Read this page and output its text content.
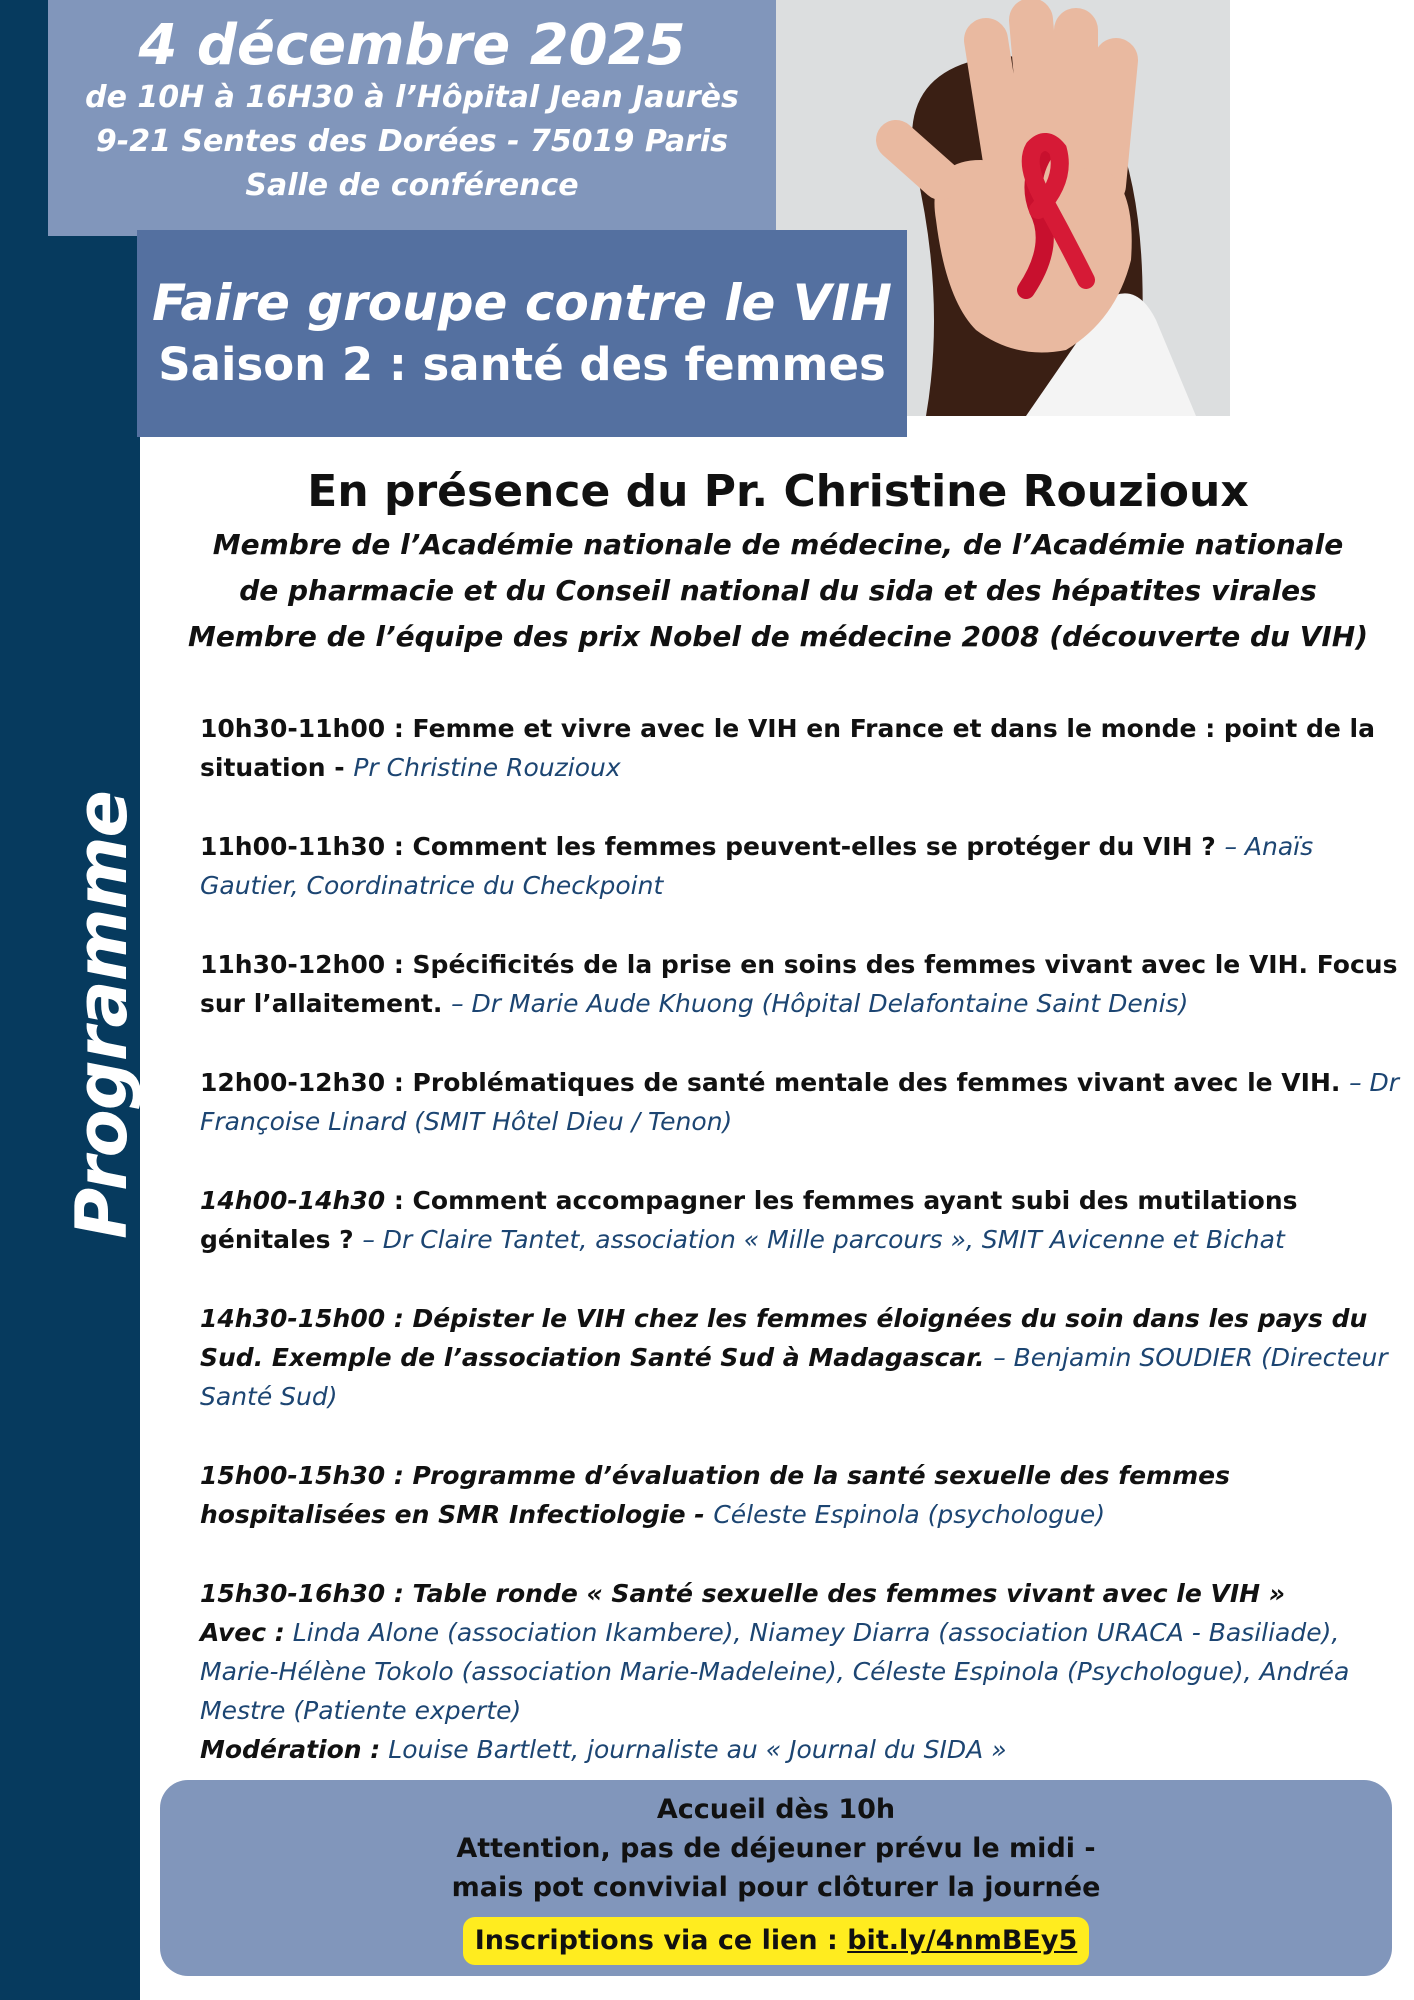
Programme
4 décembre 2025
de 10H à 16H30 à l’Hôpital Jean Jaurès
9-21 Sentes des Dorées - 75019 Paris
Salle de conférence
Faire groupe contre le VIH
Saison 2 : santé des femmes
En présence du Pr. Christine Rouzioux
Membre de l’Académie nationale de médecine, de l’Académie nationale
de pharmacie et du Conseil national du sida et des hépatites virales
Membre de l’équipe des prix Nobel de médecine 2008 (découverte du VIH)
10h30-11h00 : Femme et vivre avec le VIH en France et dans le monde : point de la situation - Pr Christine Rouzioux
11h00-11h30 : Comment les femmes peuvent-elles se protéger du VIH ? – Anaïs Gautier, Coordinatrice du Checkpoint
11h30-12h00 : Spécificités de la prise en soins des femmes vivant avec le VIH. Focus sur l’allaitement. – Dr Marie Aude Khuong (Hôpital Delafontaine Saint Denis)
12h00-12h30 : Problématiques de santé mentale des femmes vivant avec le VIH. – Dr Françoise Linard (SMIT Hôtel Dieu / Tenon)
14h00-14h30 : Comment accompagner les femmes ayant subi des mutilations génitales ? – Dr Claire Tantet, association « Mille parcours », SMIT Avicenne et Bichat
14h30-15h00 : Dépister le VIH chez les femmes éloignées du soin dans les pays du Sud. Exemple de l’association Santé Sud à Madagascar. – Benjamin SOUDIER (Directeur Santé Sud)
15h00-15h30 : Programme d’évaluation de la santé sexuelle des femmes hospitalisées en SMR Infectiologie - Céleste Espinola (psychologue)
15h30-16h30 : Table ronde « Santé sexuelle des femmes vivant avec le VIH »
Avec : Linda Alone (association Ikambere), Niamey Diarra (association URACA - Basiliade), Marie-Hélène Tokolo (association Marie-Madeleine), Céleste Espinola (Psychologue), Andréa Mestre (Patiente experte)
Modération : Louise Bartlett, journaliste au « Journal du SIDA »
Accueil dès 10h
Attention, pas de déjeuner prévu le midi -
mais pot convivial pour clôturer la journée
Inscriptions via ce lien : bit.ly/4nmBEy5
